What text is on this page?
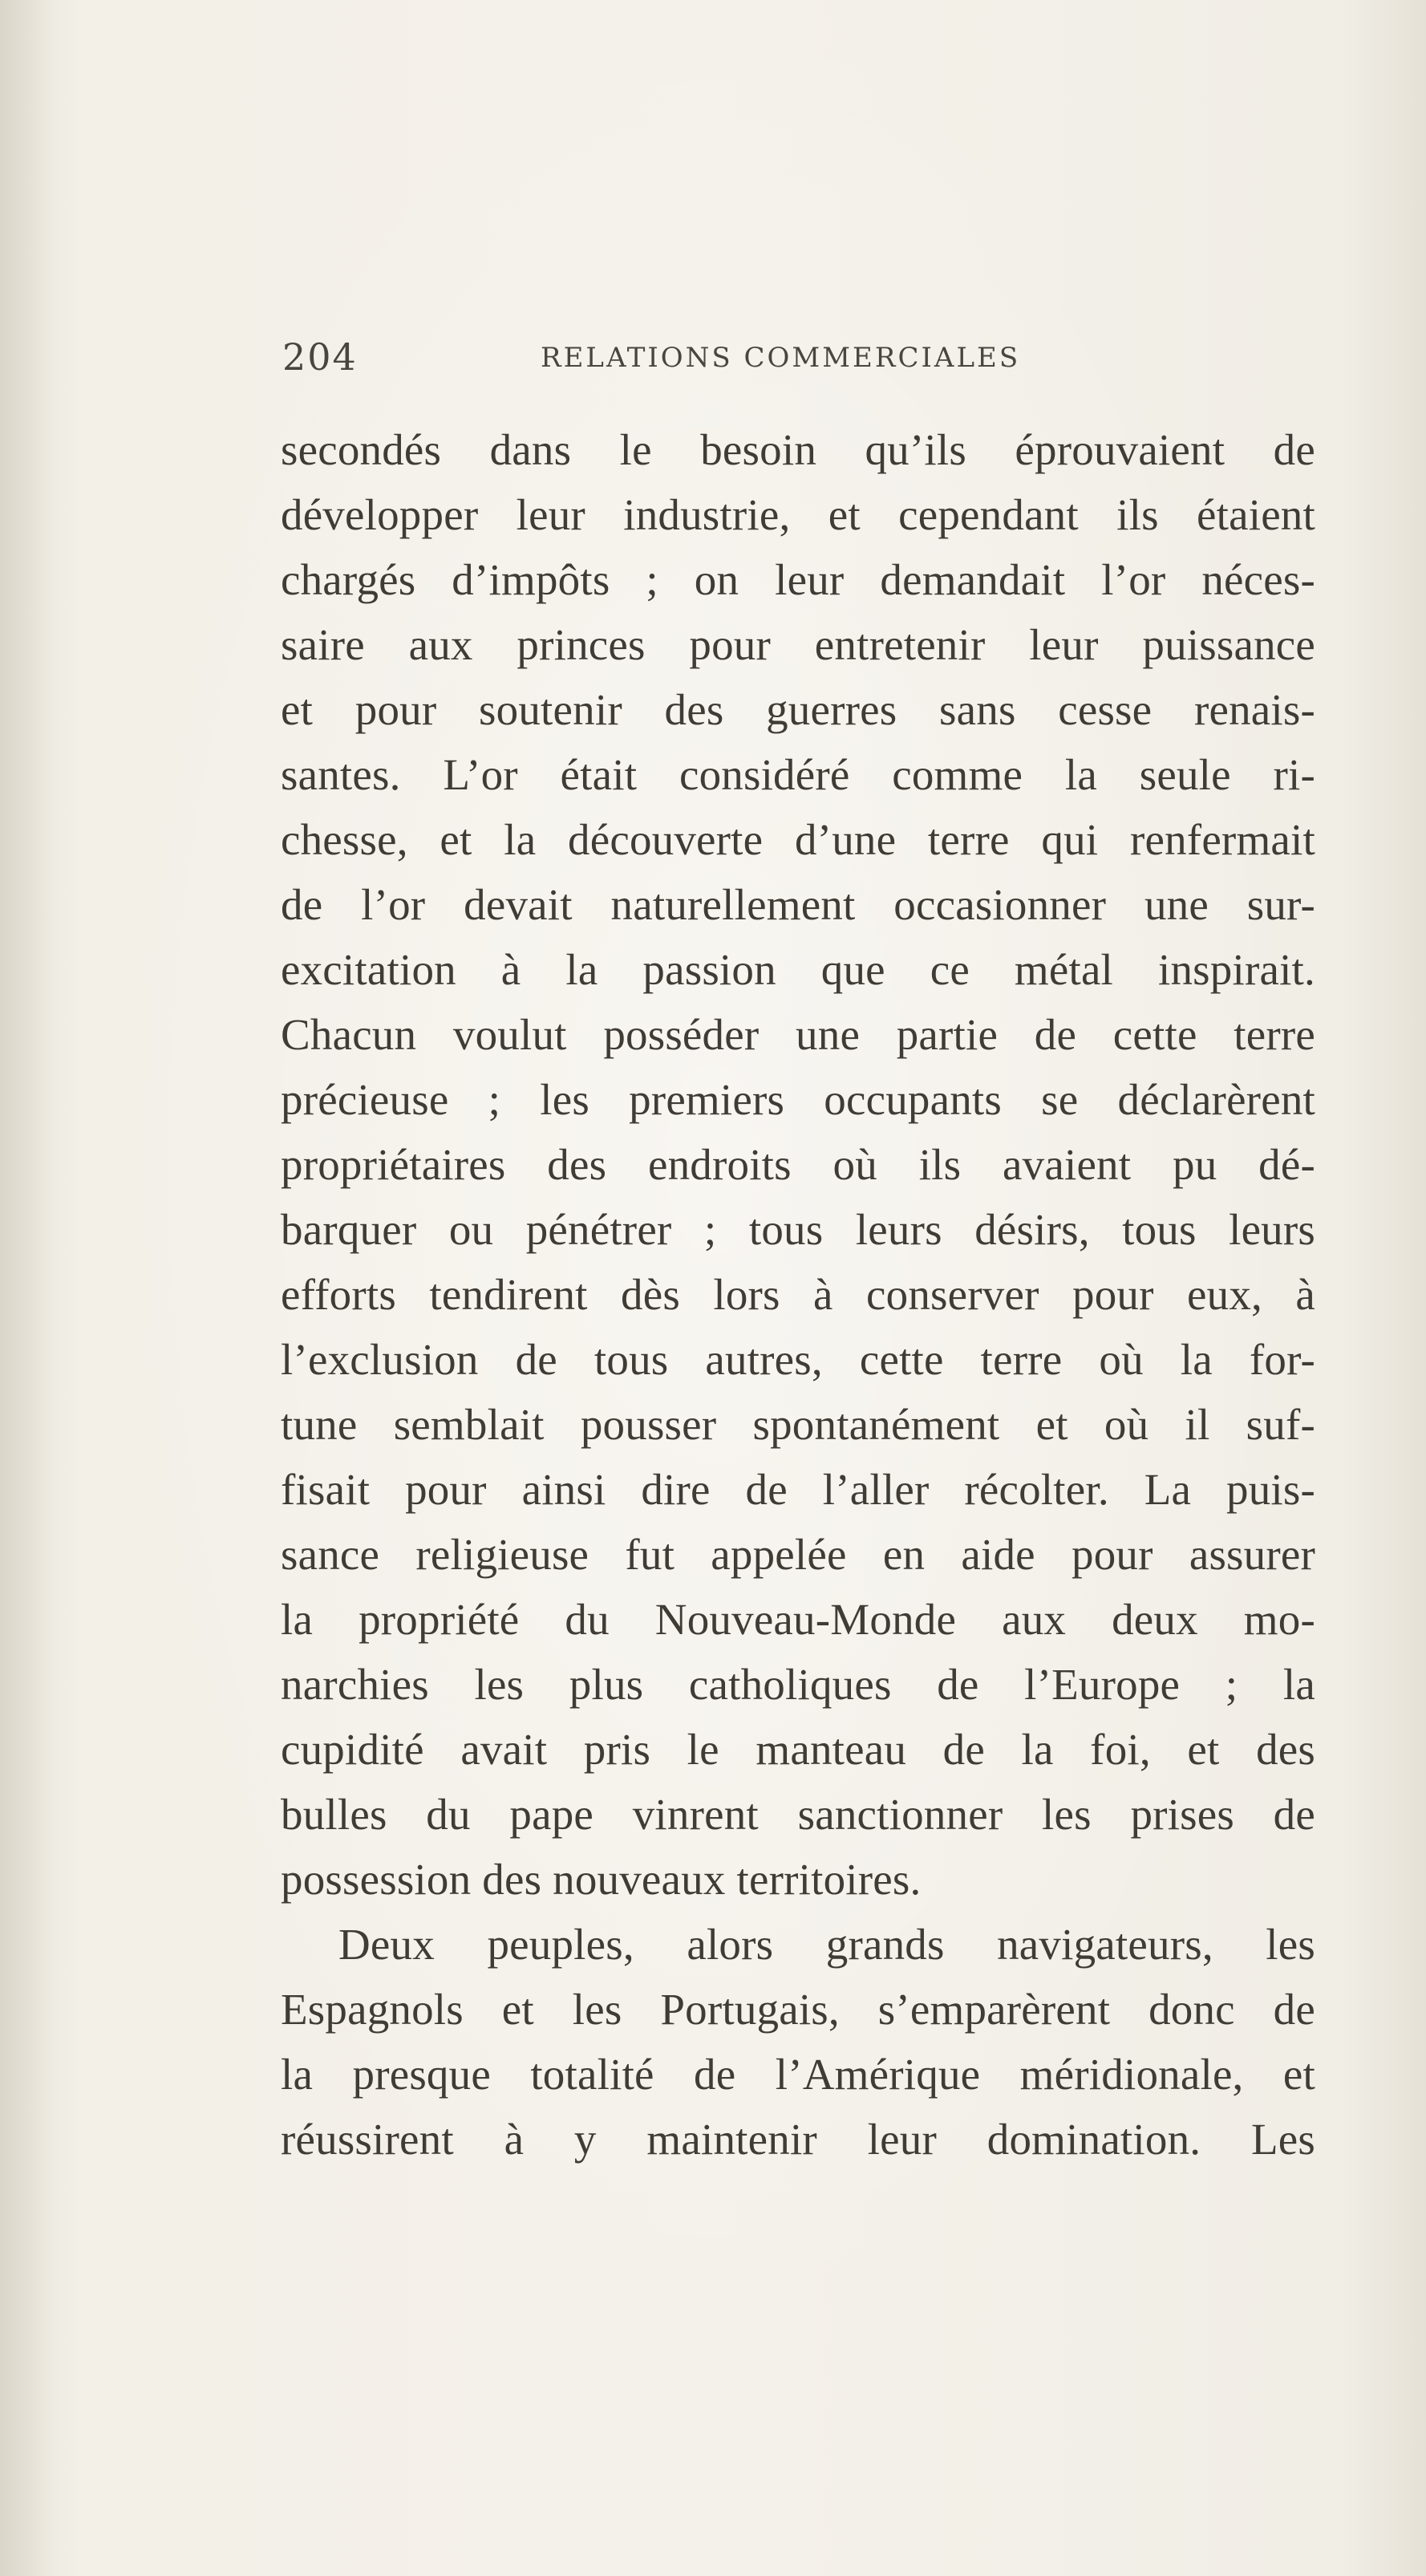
204	RELATIONS COMMERCIALES
secondés dans le besoin qu’ils éprouvaient de
développer leur industrie, et cependant ils étaient
chargés d’impôts ; on leur demandait l’or néces-
saire aux princes pour entretenir leur puissance
et pour soutenir des guerres sans cesse renais-
santes. L’or était considéré comme la seule ri-
chesse, et la découverte d’une terre qui renfermait
de l’or devait naturellement occasionner une sur-
excitation à la passion que ce métal inspirait.
Chacun voulut posséder une partie de cette terre
précieuse ; les premiers occupants se déclarèrent
propriétaires des endroits où ils avaient pu dé-
barquer ou pénétrer ; tous leurs désirs, tous leurs
efforts tendirent dès lors à conserver pour eux, à
l’exclusion de tous autres, cette terre où la for-
tune semblait pousser spontanément et où il suf-
fisait pour ainsi dire de l’aller récolter. La puis-
sance religieuse fut appelée en aide pour assurer
la propriété du Nouveau-Monde aux deux mo-
narchies les plus catholiques de l’Europe ; la
cupidité avait pris le manteau de la foi, et des
bulles du pape vinrent sanctionner les prises de
possession des nouveaux territoires.
Deux peuples, alors grands navigateurs, les
Espagnols et les Portugais, s’emparèrent donc de
la presque totalité de l’Amérique méridionale, et
réussirent à y maintenir leur domination. Les
